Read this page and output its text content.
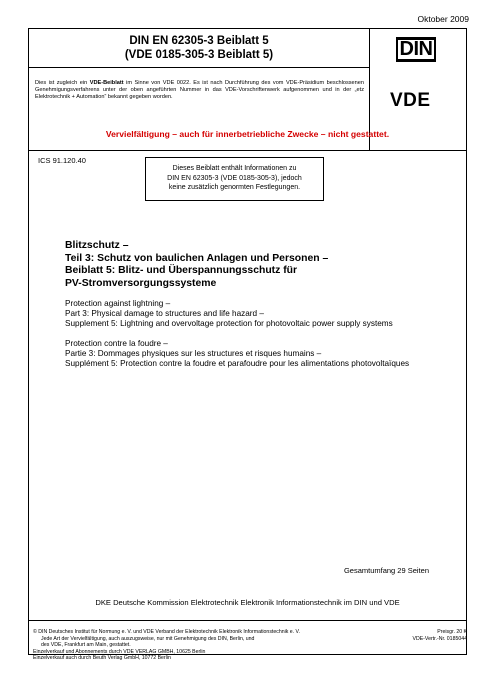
Oktober 2009
DIN EN 62305-3 Beiblatt 5
(VDE 0185-305-3 Beiblatt 5)
Dies ist zugleich ein VDE-Beiblatt im Sinne von VDE 0022. Es ist nach Durchführung des vom VDE-Präsidium beschlossenen Genehmigungsverfahrens unter der oben angeführten Nummer in das VDE-Vorschriftenwerk aufgenommen und in der „etz Elektrotechnik + Automation“ bekannt gegeben worden.
DIN
VDE
Vervielfältigung – auch für innerbetriebliche Zwecke – nicht gestattet.
ICS 91.120.40
Dieses Beiblatt enthält Informationen zu
DIN EN 62305-3 (VDE 0185-305-3), jedoch
keine zusätzlich genormten Festlegungen.
Blitzschutz –
Teil 3: Schutz von baulichen Anlagen und Personen –
Beiblatt 5: Blitz- und Überspannungsschutz für
PV-Stromversorgungssysteme
Protection against lightning –
Part 3: Physical damage to structures and life hazard –
Supplement 5: Lightning and overvoltage protection for photovoltaic power supply systems
Protection contre la foudre –
Partie 3: Dommages physiques sur les structures et risques humains –
Supplément 5: Protection contre la foudre et parafoudre pour les alimentations photovoltaïques
Gesamtumfang 29 Seiten
DKE Deutsche Kommission Elektrotechnik Elektronik Informationstechnik im DIN und VDE
© DIN Deutsches Institut für Normung e. V. und VDE Verband der Elektrotechnik Elektronik Informationstechnik e. V.
Jede Art der Vervielfältigung, auch auszugsweise, nur mit Genehmigung des DIN, Berlin, und
des VDE, Frankfurt am Main, gestattet.
Einzelverkauf und Abonnements durch VDE VERLAG GMBH, 10625 Berlin
Einzelverkauf auch durch Beuth Verlag GmbH, 10772 Berlin
Preisgr. 20 K
VDE-Vertr.-Nr. 0185044
